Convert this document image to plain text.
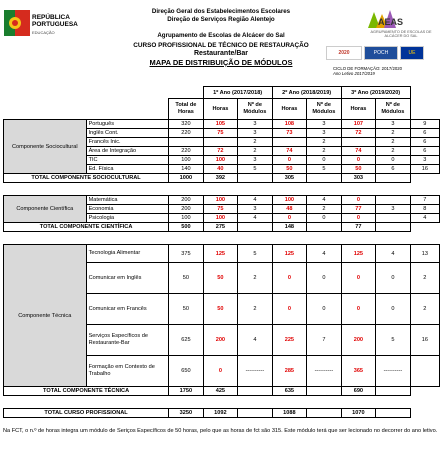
REPÚBLICA
PORTUGUESA
EDUCAÇÃO
AEAS
AGRUPAMENTO DE ESCOLAS DE ALCÁCER DO SAL
Direção Geral dos Estabelecimentos Escolares
Direção de Serviços Região Alentejo
Agrupamento de Escolas de Alcácer do Sal
CURSO PROFISSIONAL DE TÉCNICO DE RESTAURAÇÃO
Restaurante/Bar
MAPA DE DISTRIBUIÇÃO DE MÓDULOS
2020	POCH	UE
CICLO DE FORMAÇÃO: 2017/2020
Ano Letivo 2017/2019
			1º Ano (2017/2018)		2º Ano (2018/2019)		3º Ano (2019/2020)		
		Total de Horas	Horas	Nº de Módulos	Horas	Nº de Módulos	Horas	Nº de Módulos	
Componente Sociocultural	Português	320	105	3	108	3	107	3	9
	Inglês Cont.	220	75	3	73	3	72	2	6
	Francês Inic.			2		2		2	6
	Área de Integração	220	72	2	74	2	74	2	6
	TIC	100	100	3	0	0	0	0	3
	Ed. Física	140	40	5	50	5	50	6	16
TOTAL COMPONENTE SOCIOCULTURAL		1000	392		305		303		

Componente Científica	Matemática	200	100	4	100	4	0		7
	Economia	200	75	3	48	2	77	3	8
	Psicologia	100	100	4	0	0	0		4
TOTAL COMPONENTE CIENTÍFICA		500	275		148		77		

Componente Técnica	Tecnologia Alimentar	375	125	5	125	4	125	4	13
	Comunicar em Inglês	50	50	2	0	0	0	0	2
	Comunicar em Francês	50	50	2	0	0	0	0	2
	Serviços Específicos de Restaurante-Bar	625	200	4	225	7	200	5	16
	Formação em Contexto de Trabalho	650	0	----------	285	----------	365	----------	
TOTAL COMPONENTE TÉCNICA		1750	425		635		690		

TOTAL CURSO PROFISSIONAL		3250	1092		1088		1070		
Na FCT, o n.º de horas integra um módulo de Seriços Específicos de 50 horas, pelo que as horas de fct são 315. Este módulo terá que ser lecionado no decorrer do ano letivo.
